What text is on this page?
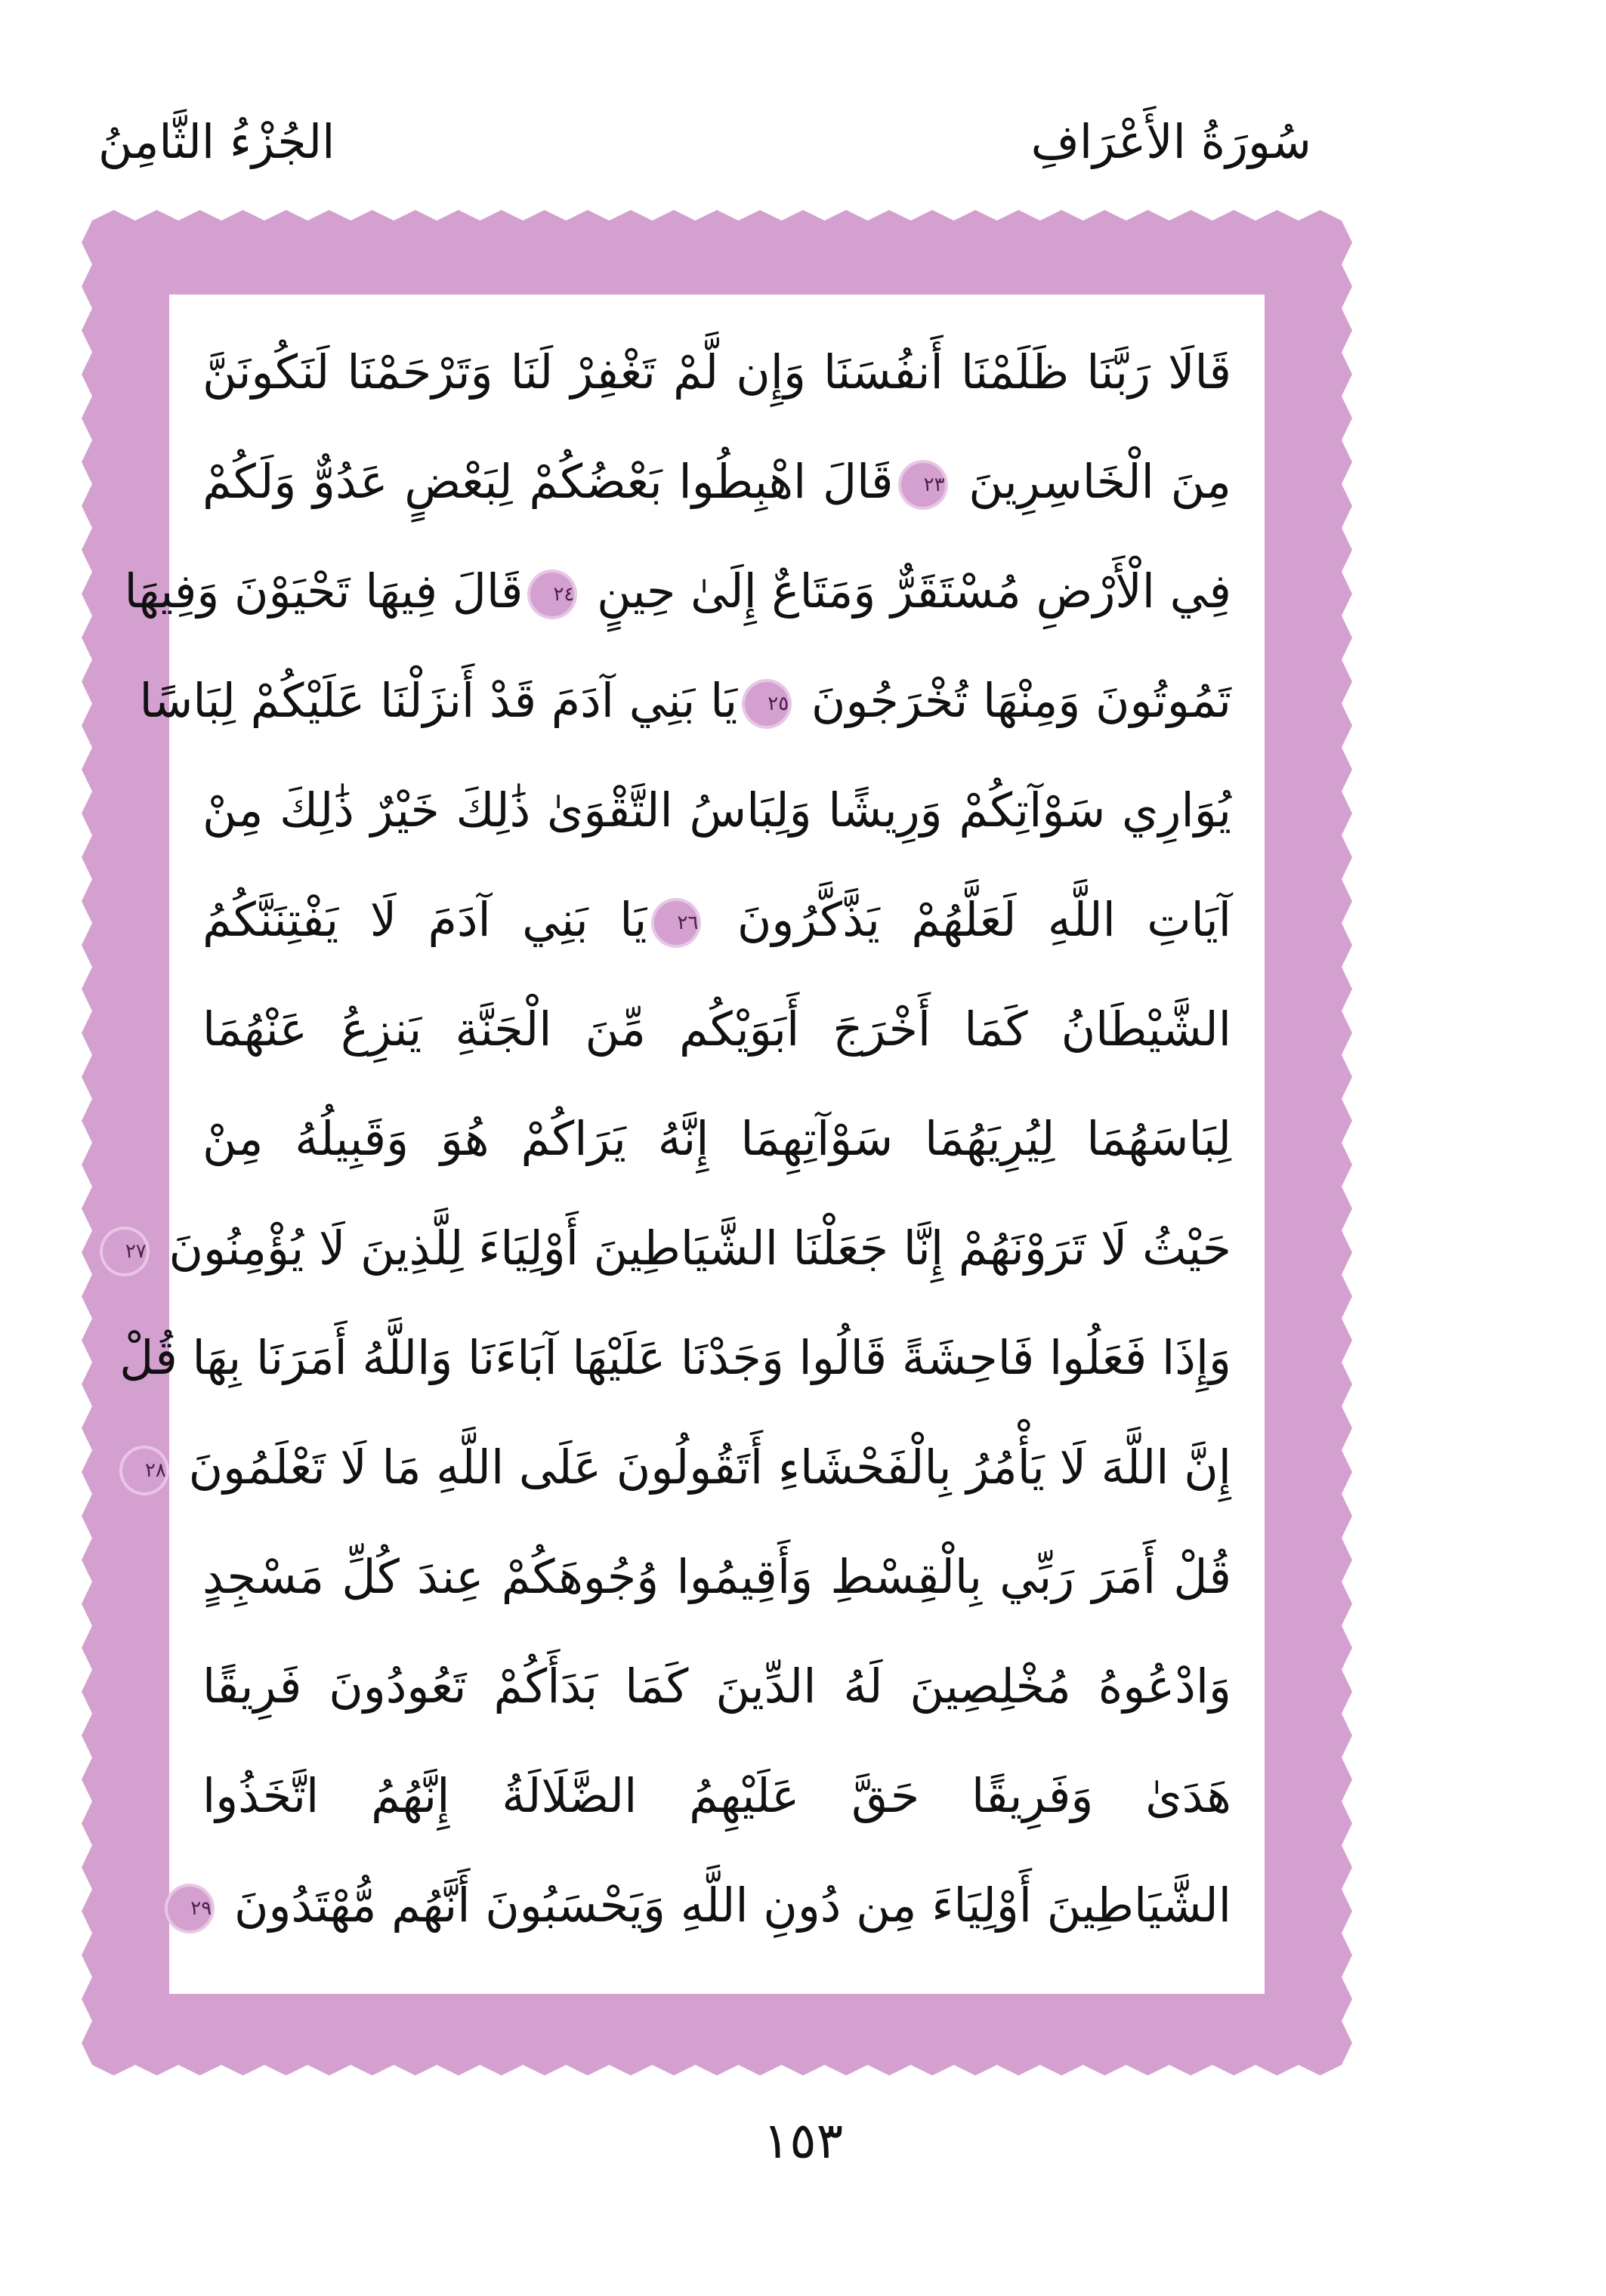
الجُزْءُ الثَّامِنُ	سُورَةُ الأَعْرَافِ
قَالَا رَبَّنَا ظَلَمْنَا أَنفُسَنَا وَإِن لَّمْ تَغْفِرْ لَنَا وَتَرْحَمْنَا لَنَكُونَنَّ
مِنَ الْخَاسِرِينَ ٢٣قَالَ اهْبِطُوا بَعْضُكُمْ لِبَعْضٍ عَدُوٌّ وَلَكُمْ
فِي الْأَرْضِ مُسْتَقَرٌّ وَمَتَاعٌ إِلَىٰ حِينٍ ٢٤قَالَ فِيهَا تَحْيَوْنَ وَفِيهَا
تَمُوتُونَ وَمِنْهَا تُخْرَجُونَ ٢٥يَا بَنِي آدَمَ قَدْ أَنزَلْنَا عَلَيْكُمْ لِبَاسًا
يُوَارِي سَوْآتِكُمْ وَرِيشًا وَلِبَاسُ التَّقْوَىٰ ذَٰلِكَ خَيْرٌ ذَٰلِكَ مِنْ
آيَاتِ اللَّهِ لَعَلَّهُمْ يَذَّكَّرُونَ ٢٦يَا بَنِي آدَمَ لَا يَفْتِنَنَّكُمُ
الشَّيْطَانُ كَمَا أَخْرَجَ أَبَوَيْكُم مِّنَ الْجَنَّةِ يَنزِعُ عَنْهُمَا
لِبَاسَهُمَا لِيُرِيَهُمَا سَوْآتِهِمَا إِنَّهُ يَرَاكُمْ هُوَ وَقَبِيلُهُ مِنْ
حَيْثُ لَا تَرَوْنَهُمْ إِنَّا جَعَلْنَا الشَّيَاطِينَ أَوْلِيَاءَ لِلَّذِينَ لَا يُؤْمِنُونَ ٢٧
وَإِذَا فَعَلُوا فَاحِشَةً قَالُوا وَجَدْنَا عَلَيْهَا آبَاءَنَا وَاللَّهُ أَمَرَنَا بِهَا قُلْ
إِنَّ اللَّهَ لَا يَأْمُرُ بِالْفَحْشَاءِ أَتَقُولُونَ عَلَى اللَّهِ مَا لَا تَعْلَمُونَ ٢٨
قُلْ أَمَرَ رَبِّي بِالْقِسْطِ وَأَقِيمُوا وُجُوهَكُمْ عِندَ كُلِّ مَسْجِدٍ
وَادْعُوهُ مُخْلِصِينَ لَهُ الدِّينَ كَمَا بَدَأَكُمْ تَعُودُونَ فَرِيقًا
هَدَىٰ وَفَرِيقًا حَقَّ عَلَيْهِمُ الضَّلَالَةُ إِنَّهُمُ اتَّخَذُوا
الشَّيَاطِينَ أَوْلِيَاءَ مِن دُونِ اللَّهِ وَيَحْسَبُونَ أَنَّهُم مُّهْتَدُونَ ٢٩
١٥٣
